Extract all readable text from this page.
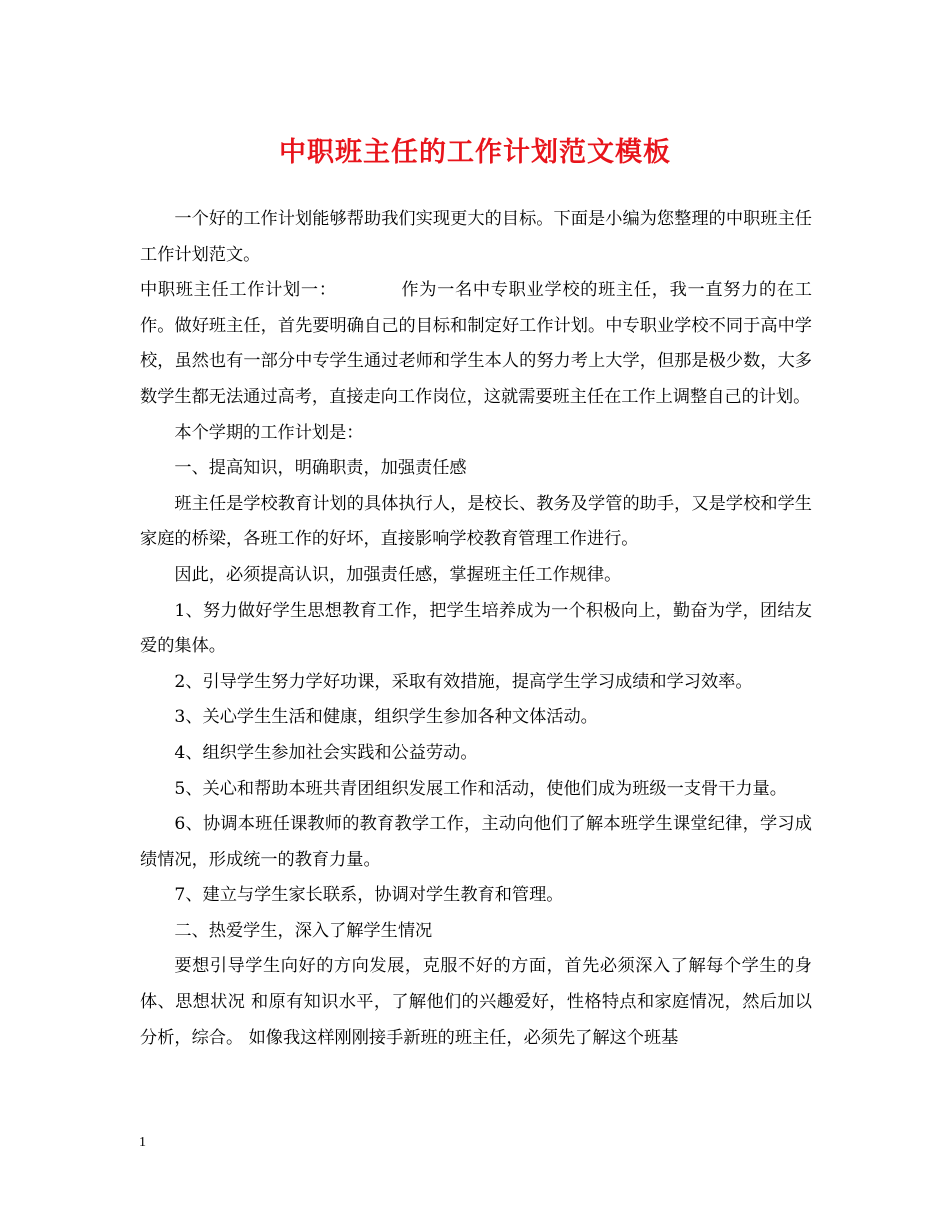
中职班主任的工作计划范文模板

一个好的工作计划能够帮助我们实现更大的目标。下面是小编为您整理的中职班主任工作计划范文。

中职班主任工作计划一：	作为一名中专职业学校的班主任，我一直努力的在工作。做好班主任，首先要明确自己的目标和制定好工作计划。中专职业学校不同于高中学校，虽然也有一部分中专学生通过老师和学生本人的努力考上大学，但那是极少数，大多数学生都无法通过高考，直接走向工作岗位，这就需要班主任在工作上调整自己的计划。

本个学期的工作计划是：

一、提高知识，明确职责，加强责任感

班主任是学校教育计划的具体执行人，是校长、教务及学管的助手，又是学校和学生家庭的桥梁，各班工作的好坏，直接影响学校教育管理工作进行。

因此，必须提高认识，加强责任感，掌握班主任工作规律。

1、努力做好学生思想教育工作，把学生培养成为一个积极向上，勤奋为学，团结友爱的集体。

2、引导学生努力学好功课，采取有效措施，提高学生学习成绩和学习效率。

3、关心学生生活和健康，组织学生参加各种文体活动。

4、组织学生参加社会实践和公益劳动。

5、关心和帮助本班共青团组织发展工作和活动，使他们成为班级一支骨干力量。

6、协调本班任课教师的教育教学工作，主动向他们了解本班学生课堂纪律，学习成绩情况，形成统一的教育力量。

7、建立与学生家长联系，协调对学生教育和管理。

二、热爱学生，深入了解学生情况

要想引导学生向好的方向发展，克服不好的方面，首先必须深入了解每个学生的身体、思想状况 和原有知识水平，了解他们的兴趣爱好，性格特点和家庭情况，然后加以分析，综合。 如像我这样刚刚接手新班的班主任，必须先了解这个班基

1
